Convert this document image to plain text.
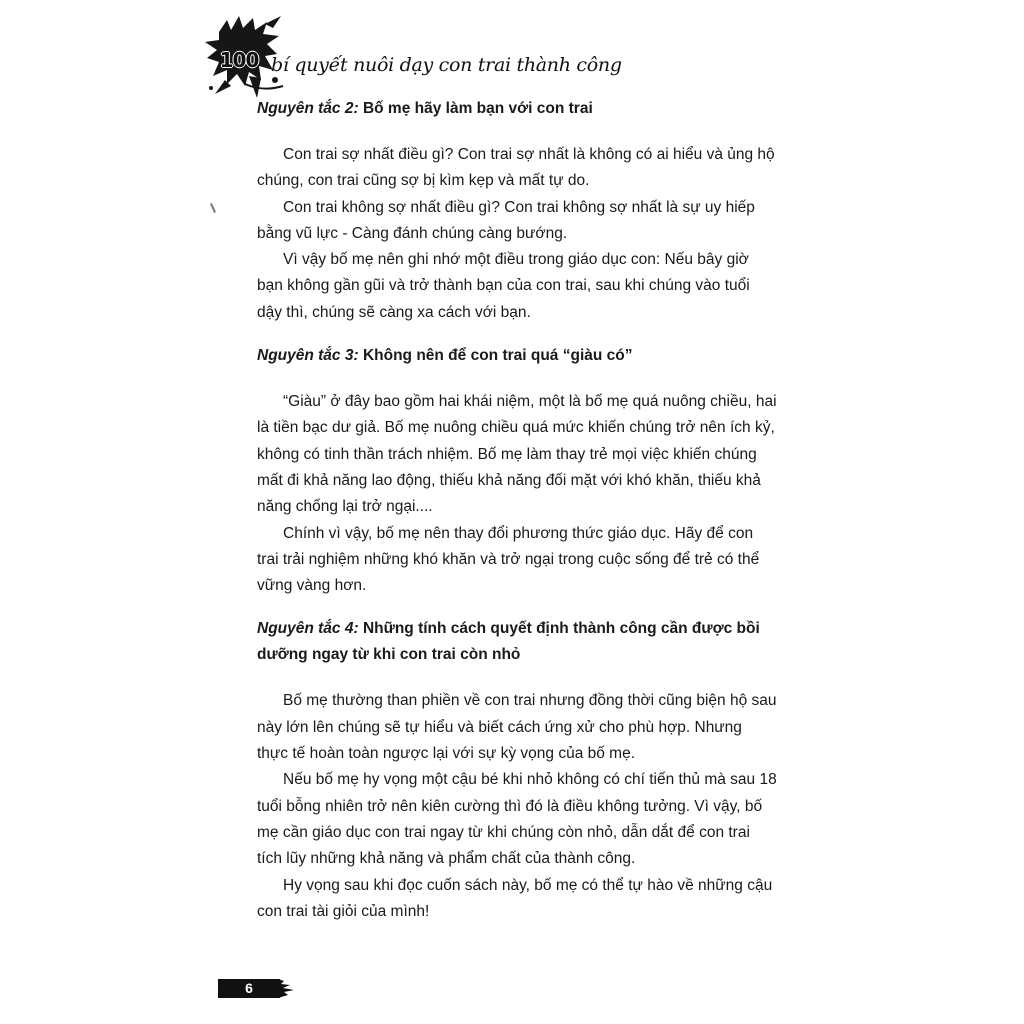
100 bí quyết nuôi dạy con trai thành công

Nguyên tắc 2: Bố mẹ hãy làm bạn với con trai

Con trai sợ nhất điều gì? Con trai sợ nhất là không có ai hiểu và ủng hộ chúng, con trai cũng sợ bị kìm kẹp và mất tự do.

Con trai không sợ nhất điều gì? Con trai không sợ nhất là sự uy hiếp bằng vũ lực - Càng đánh chúng càng bướng.

Vì vậy bố mẹ nên ghi nhớ một điều trong giáo dục con: Nếu bây giờ bạn không gần gũi và trở thành bạn của con trai, sau khi chúng vào tuổi dậy thì, chúng sẽ càng xa cách với bạn.

Nguyên tắc 3: Không nên để con trai quá “giàu có”

“Giàu” ở đây bao gồm hai khái niệm, một là bố mẹ quá nuông chiều, hai là tiền bạc dư giả. Bố mẹ nuông chiều quá mức khiến chúng trở nên ích kỷ, không có tinh thần trách nhiệm. Bố mẹ làm thay trẻ mọi việc khiến chúng mất đi khả năng lao động, thiếu khả năng đối mặt với khó khăn, thiếu khả năng chống lại trở ngại....

Chính vì vậy, bố mẹ nên thay đổi phương thức giáo dục. Hãy để con trai trải nghiệm những khó khăn và trở ngại trong cuộc sống để trẻ có thể vững vàng hơn.

Nguyên tắc 4: Những tính cách quyết định thành công cần được bồi dưỡng ngay từ khi con trai còn nhỏ

Bố mẹ thường than phiền về con trai nhưng đồng thời cũng biện hộ sau này lớn lên chúng sẽ tự hiểu và biết cách ứng xử cho phù hợp. Nhưng thực tế hoàn toàn ngược lại với sự kỳ vọng của bố mẹ.

Nếu bố mẹ hy vọng một cậu bé khi nhỏ không có chí tiến thủ mà sau 18 tuổi bỗng nhiên trở nên kiên cường thì đó là điều không tưởng. Vì vậy, bố mẹ cần giáo dục con trai ngay từ khi chúng còn nhỏ, dẫn dắt để con trai tích lũy những khả năng và phẩm chất của thành công.

Hy vọng sau khi đọc cuốn sách này, bố mẹ có thể tự hào về những cậu con trai tài giỏi của mình!

6
